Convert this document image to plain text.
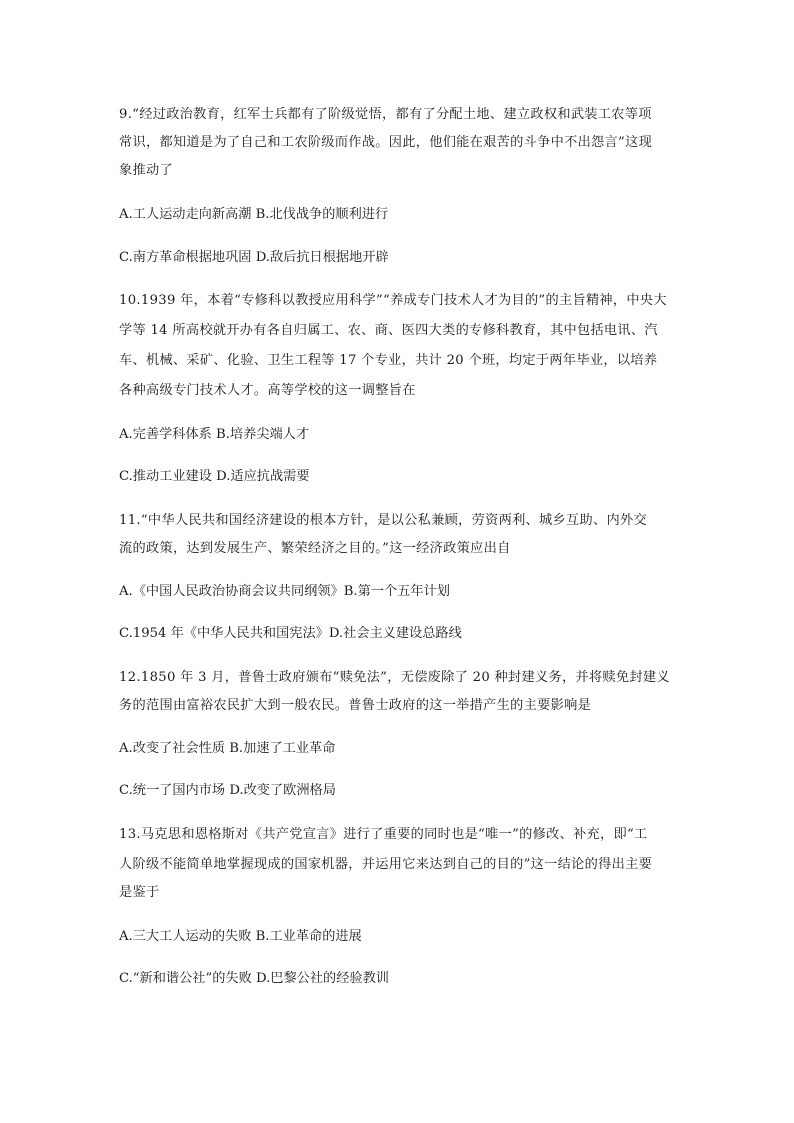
9.“经过政治教育，红军士兵都有了阶级觉悟，都有了分配土地、建立政权和武装工农等项
常识，都知道是为了自己和工农阶级而作战。因此，他们能在艰苦的斗争中不出怨言”这现
象推动了
A.工人运动走向新高潮 B.北伐战争的顺利进行
C.南方革命根据地巩固 D.敌后抗日根据地开辟
10.1939 年，本着“专修科以教授应用科学”“养成专门技术人才为目的”的主旨精神，中央大
学等 14 所高校就开办有各自归属工、农、商、医四大类的专修科教育，其中包括电讯、汽
车、机械、采矿、化验、卫生工程等 17 个专业，共计 20 个班，均定于两年毕业，以培养
各种高级专门技术人才。高等学校的这一调整旨在
A.完善学科体系 B.培养尖端人才
C.推动工业建设 D.适应抗战需要
11.“中华人民共和国经济建设的根本方针，是以公私兼顾，劳资两利、城乡互助、内外交
流的政策，达到发展生产、繁荣经济之目的。”这一经济政策应出自
A.《中国人民政治协商会议共同纲领》B.第一个五年计划
C.1954 年《中华人民共和国宪法》D.社会主义建设总路线
12.1850 年 3 月，普鲁士政府颁布“赎免法”，无偿废除了 20 种封建义务，并将赎免封建义
务的范围由富裕农民扩大到一般农民。普鲁士政府的这一举措产生的主要影响是
A.改变了社会性质 B.加速了工业革命
C.统一了国内市场 D.改变了欧洲格局
13.马克思和恩格斯对《共产党宣言》进行了重要的同时也是“唯一”的修改、补充，即“工
人阶级不能简单地掌握现成的国家机器，并运用它来达到自己的目的”这一结论的得出主要
是鉴于
A.三大工人运动的失败 B.工业革命的进展
C.“新和谐公社”的失败 D.巴黎公社的经验教训
